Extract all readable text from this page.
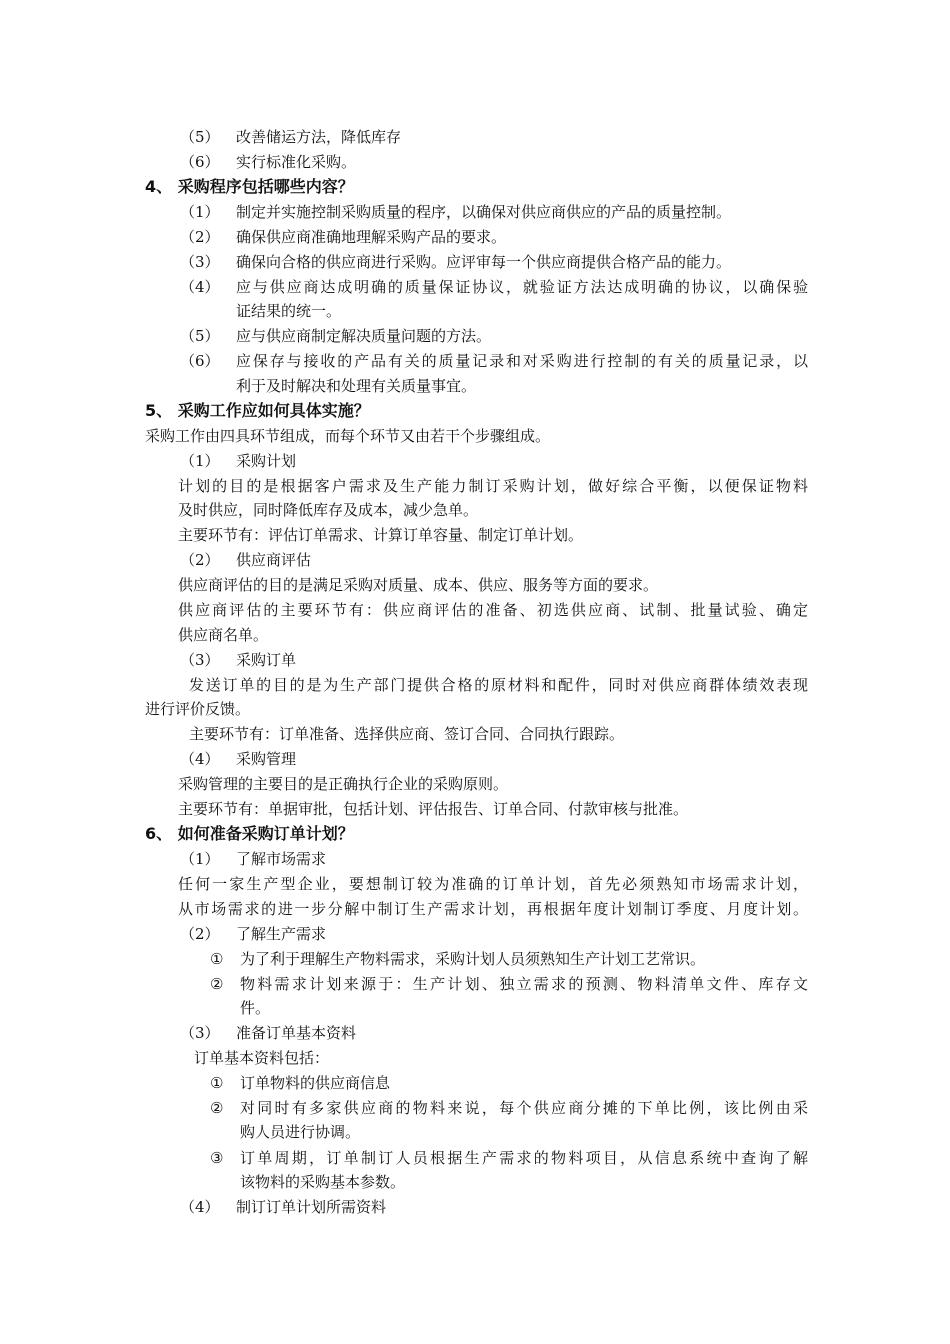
（5） 改善储运方法，降低库存
（6） 实行标准化采购。
4、 采购程序包括哪些内容？
（1） 制定并实施控制采购质量的程序，以确保对供应商供应的产品的质量控制。
（2） 确保供应商准确地理解采购产品的要求。
（3） 确保向合格的供应商进行采购。应评审每一个供应商提供合格产品的能力。
（4） 应与供应商达成明确的质量保证协议，就验证方法达成明确的协议，以确保验
证结果的统一。
（5） 应与供应商制定解决质量问题的方法。
（6） 应保存与接收的产品有关的质量记录和对采购进行控制的有关的质量记录，以
利于及时解决和处理有关质量事宜。
5、 采购工作应如何具体实施？
采购工作由四具环节组成，而每个环节又由若干个步骤组成。
（1） 采购计划
计划的目的是根据客户需求及生产能力制订采购计划，做好综合平衡，以便保证物料
及时供应，同时降低库存及成本，减少急单。
主要环节有：评估订单需求、计算订单容量、制定订单计划。
（2） 供应商评估
供应商评估的目的是满足采购对质量、成本、供应、服务等方面的要求。
供应商评估的主要环节有：供应商评估的准备、初选供应商、试制、批量试验、确定
供应商名单。
（3） 采购订单
发送订单的目的是为生产部门提供合格的原材料和配件，同时对供应商群体绩效表现
进行评价反馈。
主要环节有：订单准备、选择供应商、签订合同、合同执行跟踪。
（4） 采购管理
采购管理的主要目的是正确执行企业的采购原则。
主要环节有：单据审批，包括计划、评估报告、订单合同、付款审核与批准。
6、 如何准备采购订单计划？
（1） 了解市场需求
任何一家生产型企业，要想制订较为准确的订单计划，首先必须熟知市场需求计划，
从市场需求的进一步分解中制订生产需求计划，再根据年度计划制订季度、月度计划。
（2） 了解生产需求
① 为了利于理解生产物料需求，采购计划人员须熟知生产计划工艺常识。
② 物料需求计划来源于：生产计划、独立需求的预测、物料清单文件、库存文
件。
（3） 准备订单基本资料
订单基本资料包括：
① 订单物料的供应商信息
② 对同时有多家供应商的物料来说，每个供应商分摊的下单比例，该比例由采
购人员进行协调。
③ 订单周期，订单制订人员根据生产需求的物料项目，从信息系统中查询了解
该物料的采购基本参数。
（4） 制订订单计划所需资料
